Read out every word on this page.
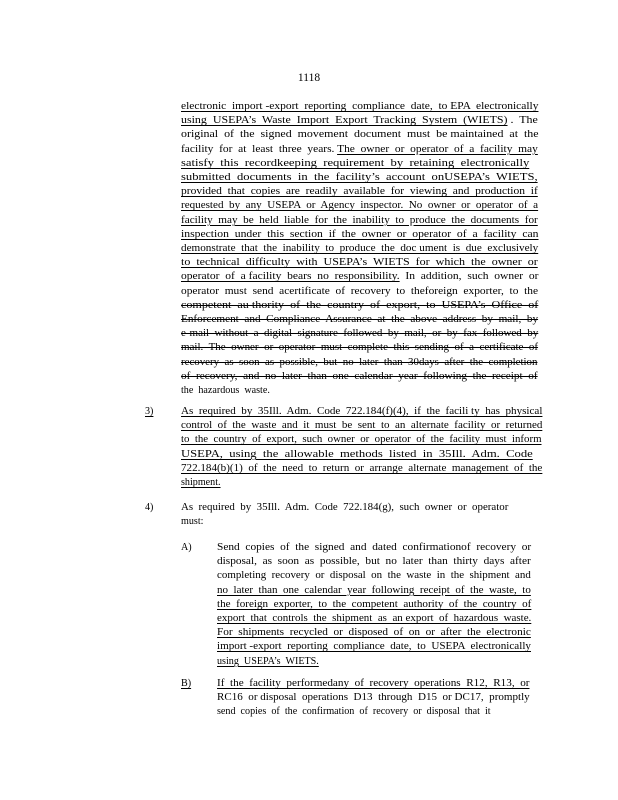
1118
electronic  import -export  reporting  compliance  date,  to EPA  electronically
using  USEPA’s  Waste  Import  Export  Tracking  System  (WIETS) .  The
original  of  the  signed  movement  document  must  be maintained  at  the
facility  for  at  least  three  years. The  owner  or  operator  of  a  facility  may
satisfy  this  recordkeeping  requirement  by  retaining  electronically
submitted  documents  in  the  facility’s  account  onUSEPA’s  WIETS,
provided  that  copies  are  readily  available  for  viewing  and  production  if
requested  by  any  USEPA  or  Agency  inspector.  No  owner  or  operator  of  a
facility  may  be  held  liable  for  the  inability  to  produce  the  documents  for
inspection  under  this  section  if  the  owner  or  operator  of  a  facility  can
demonstrate  that  the  inability  to  produce  the  doc ument  is  due  exclusively
to  technical  difficulty  with  USEPA’s  WIETS  for  which  the  owner  or
operator  of  a facility  bears  no  responsibility.  In  addition,  such  owner  or
operator  must  send  acertificate  of  recovery  to  theforeign  exporter,  to  the
competent  au thority  of  the  country  of  export,  to  USEPA’s  Office  of
Enforcement  and  Compliance  Assurance  at  the  above  address  by  mail,  by
e-mail  without  a  digital  signature  followed  by  mail,  or  by  fax  followed  by
mail.  The  owner  or  operator  must  complete  this  sending  of  a  certificate  of
recovery  as  soon  as  possible,  but  no  later  than  30days  after  the  completion
of  recovery,  and  no  later  than  one  calendar  year  following  the  receipt  of
the  hazardous  waste.
3)	As  required  by  35Ill.  Adm.  Code  722.184(f)(4),  if  the  facili ty  has  physical
control  of  the  waste  and  it  must  be  sent  to  an  alternate  facility  or  returned
to  the  country  of  export,  such  owner  or  operator  of  the  facility  must  inform
USEPA,  using  the  allowable  methods  listed  in  35Ill.  Adm.  Code
722.184(b)(1)  of  the  need  to  return  or  arrange  alternate  management  of  the
shipment.
4)	As  required  by  35Ill.  Adm.  Code  722.184(g),  such  owner  or  operator
must:
A)	Send  copies  of  the  signed  and  dated  confirmationof  recovery  or
disposal,  as  soon  as  possible,  but  no  later  than  thirty  days  after
completing  recovery  or  disposal  on  the  waste  in  the  shipment  and
no  later  than  one  calendar  year  following  receipt  of  the  waste,  to
the  foreign  exporter,  to  the  competent  authority  of  the  country  of
export  that  controls  the  shipment  as  an export  of  hazardous  waste.
For  shipments  recycled  or  disposed  of  on  or  after  the  electronic
import -export  reporting  compliance  date,  to  USEPA  electronically
using  USEPA’s  WIETS.
B)	If  the  facility  performedany  of  recovery  operations  R12,  R13,  or
RC16  or disposal  operations  D13  through  D15  or DC17,  promptly
send  copies  of  the  confirmation  of  recovery  or  disposal  that  it
